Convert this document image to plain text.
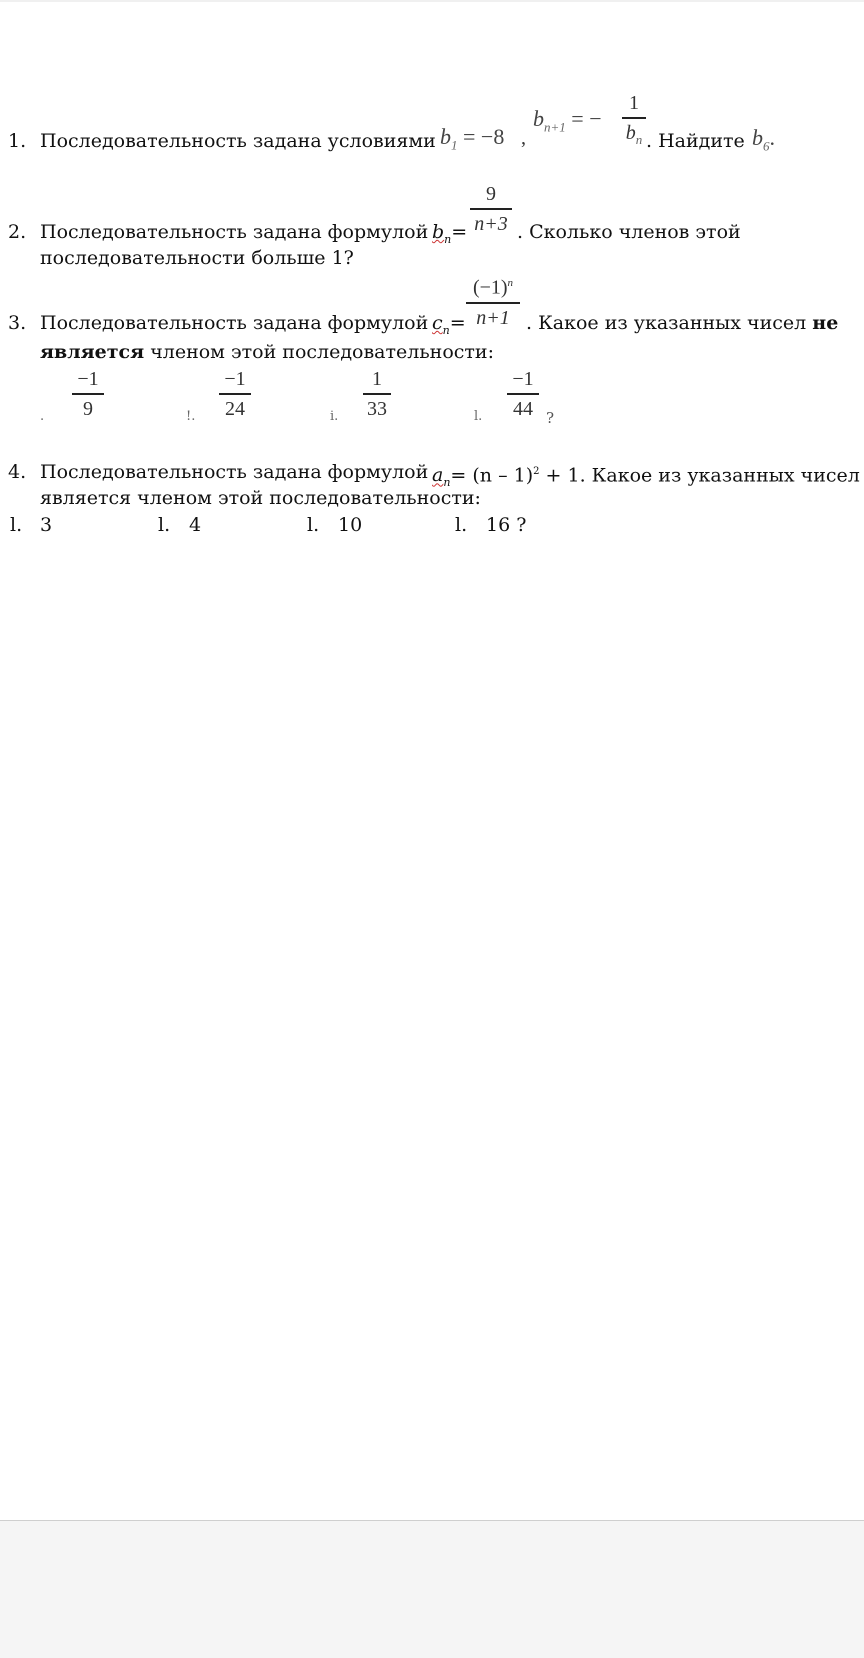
1. Последовательность задана условиями $b_1 = -8$ ,
$b_{n+1}$ = −
1
$b_n$ . Найдите $b_6$.
2. Последовательность задана формулой $b_n=$
9
n+3 . Сколько членов этой
последовательности больше 1?
3. Последовательность задана формулой $c_n=$
$(-1)^n$
n+1 . Какое из указанных чисел не
является членом этой последовательности:
.
−1
9	!.
−1
24	i.
1
33	l.
−1
44 ?
4. Последовательность задана формулой $a_n= (n - 1)^2 + 1$. Какое из указанных чисел
является членом этой последовательности:
l. 3	l. 4	l. 10	l. 16 ?
